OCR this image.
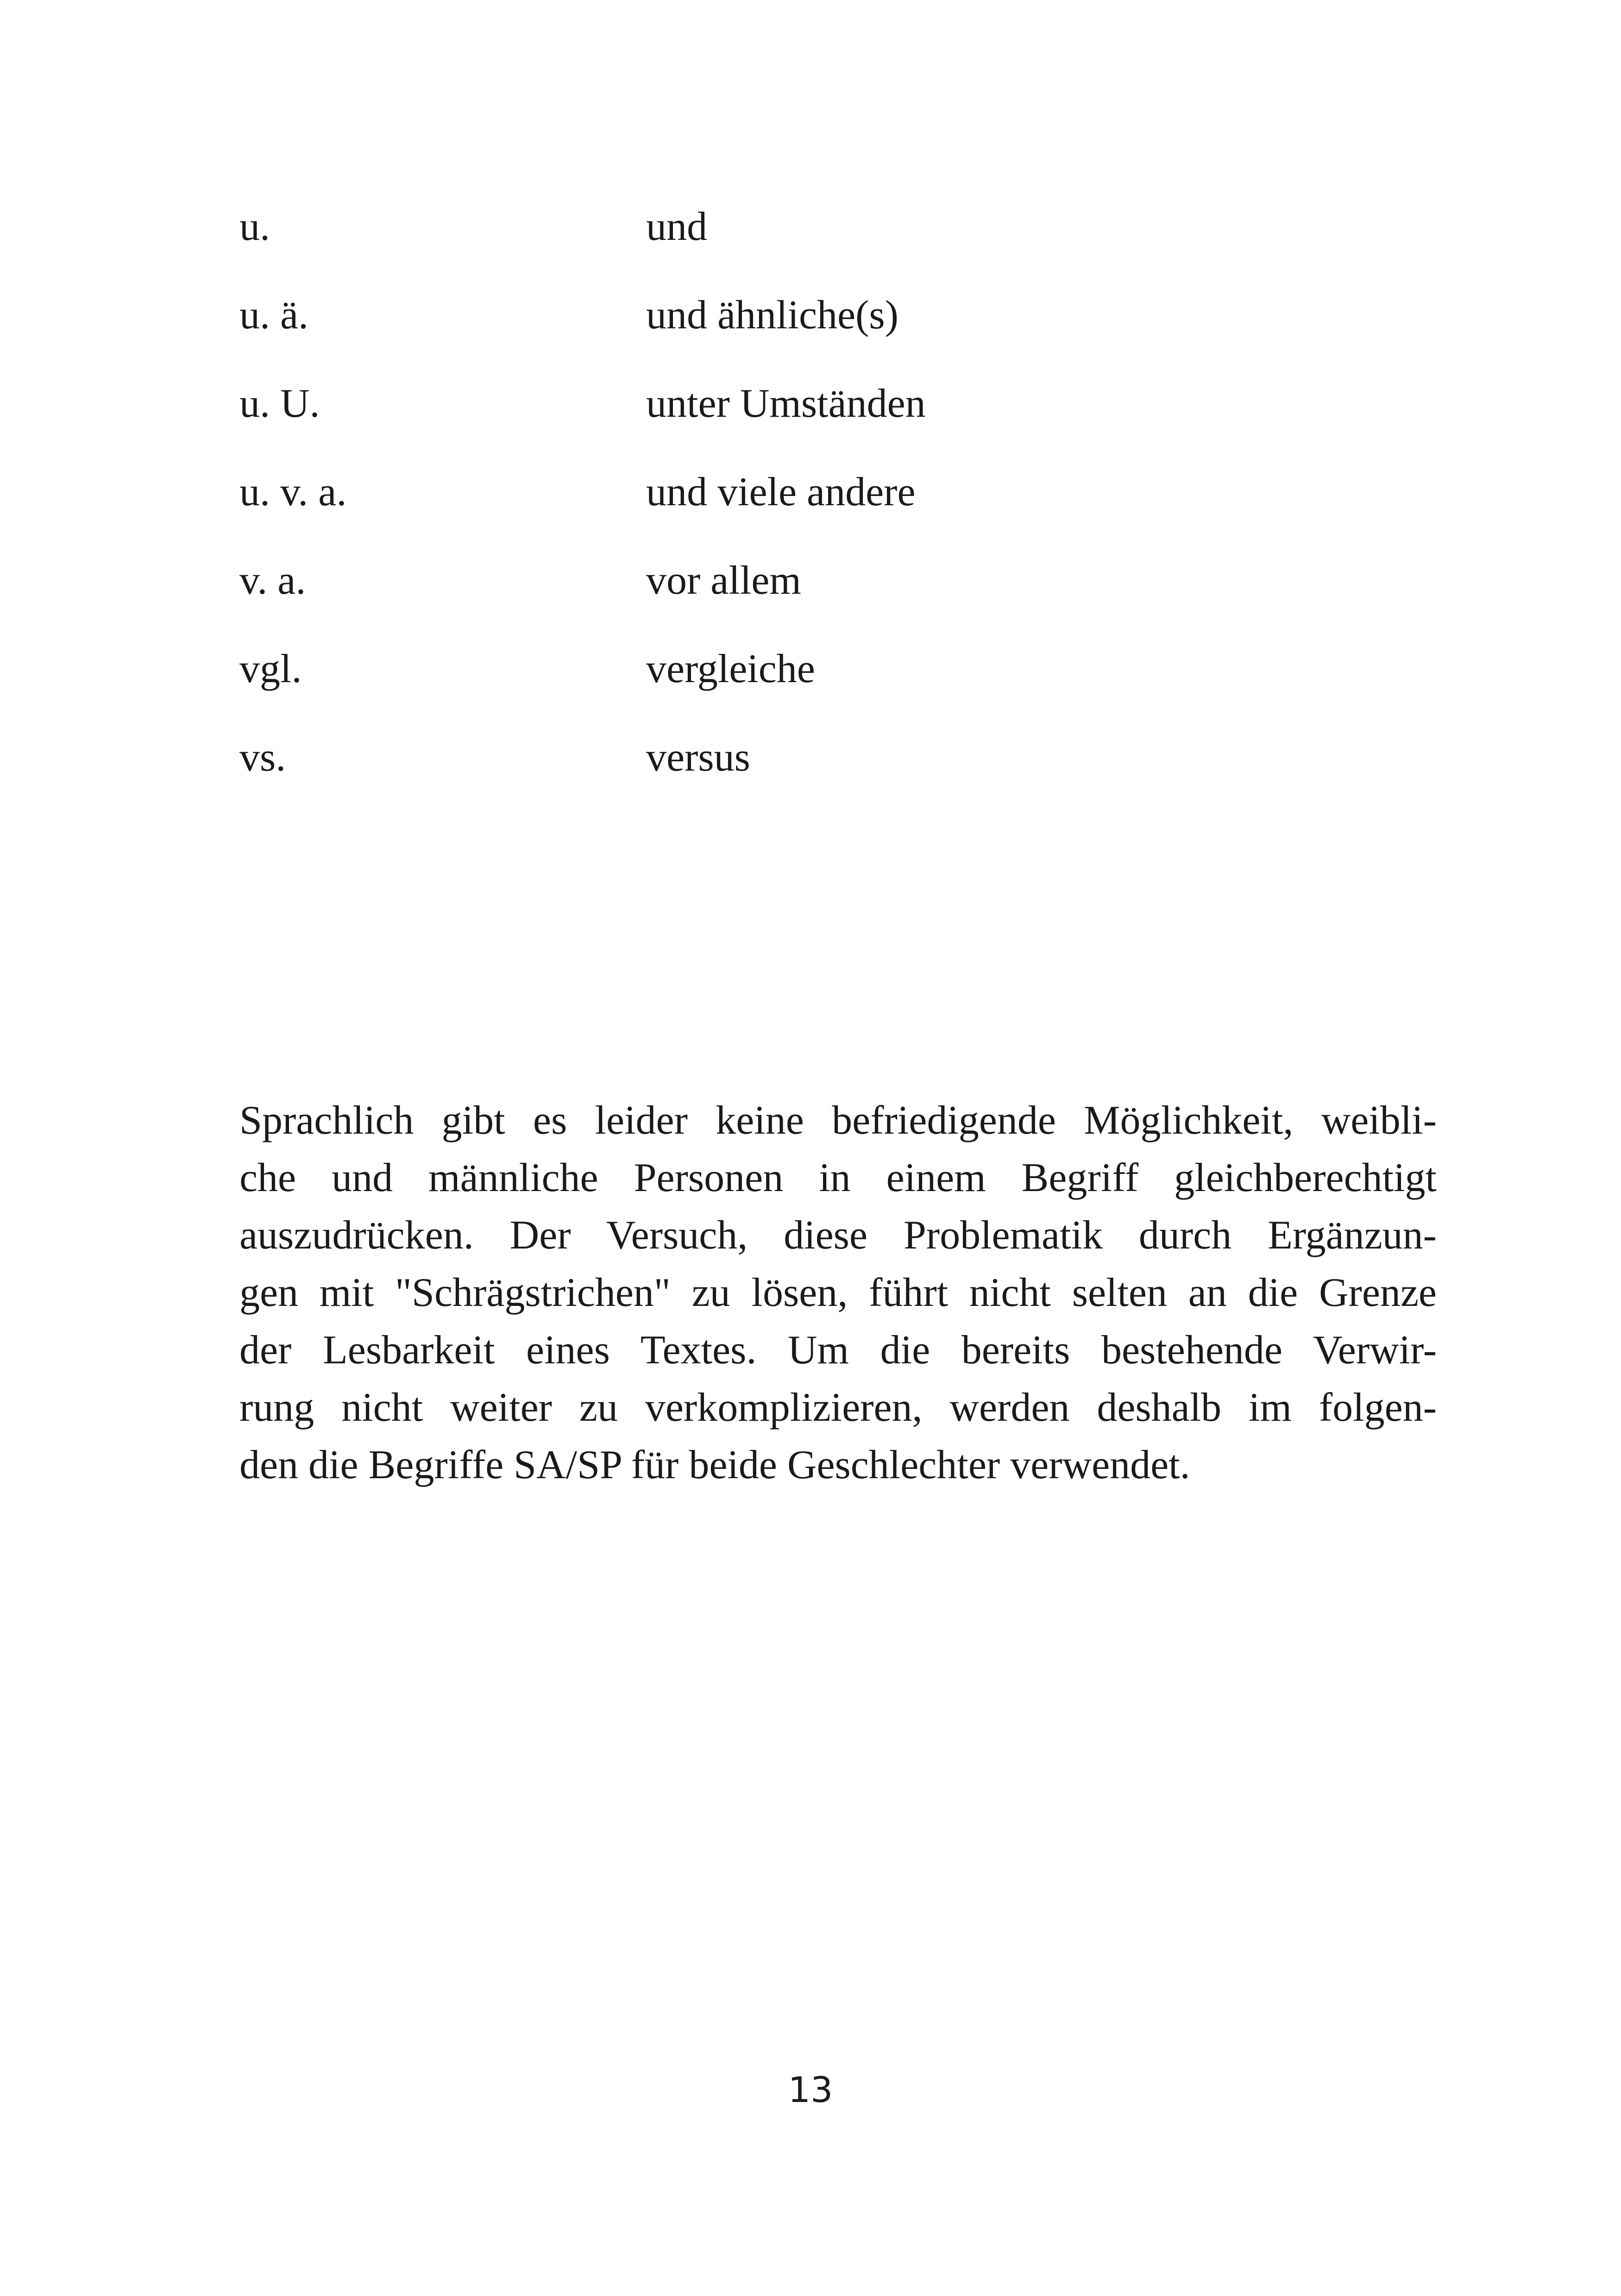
u.	und
u. ä.	und ähnliche(s)
u. U.	unter Umständen
u. v. a.	und viele andere
v. a.	vor allem
vgl.	vergleiche
vs.	versus
Sprachlich gibt es leider keine befriedigende Möglichkeit, weibli-
che und männliche Personen in einem Begriff gleichberechtigt
auszudrücken. Der Versuch, diese Problematik durch Ergänzun-
gen mit "Schrägstrichen" zu lösen, führt nicht selten an die Grenze
der Lesbarkeit eines Textes. Um die bereits bestehende Verwir-
rung nicht weiter zu verkomplizieren, werden deshalb im folgen-
den die Begriffe SA/SP für beide Geschlechter verwendet.
13
